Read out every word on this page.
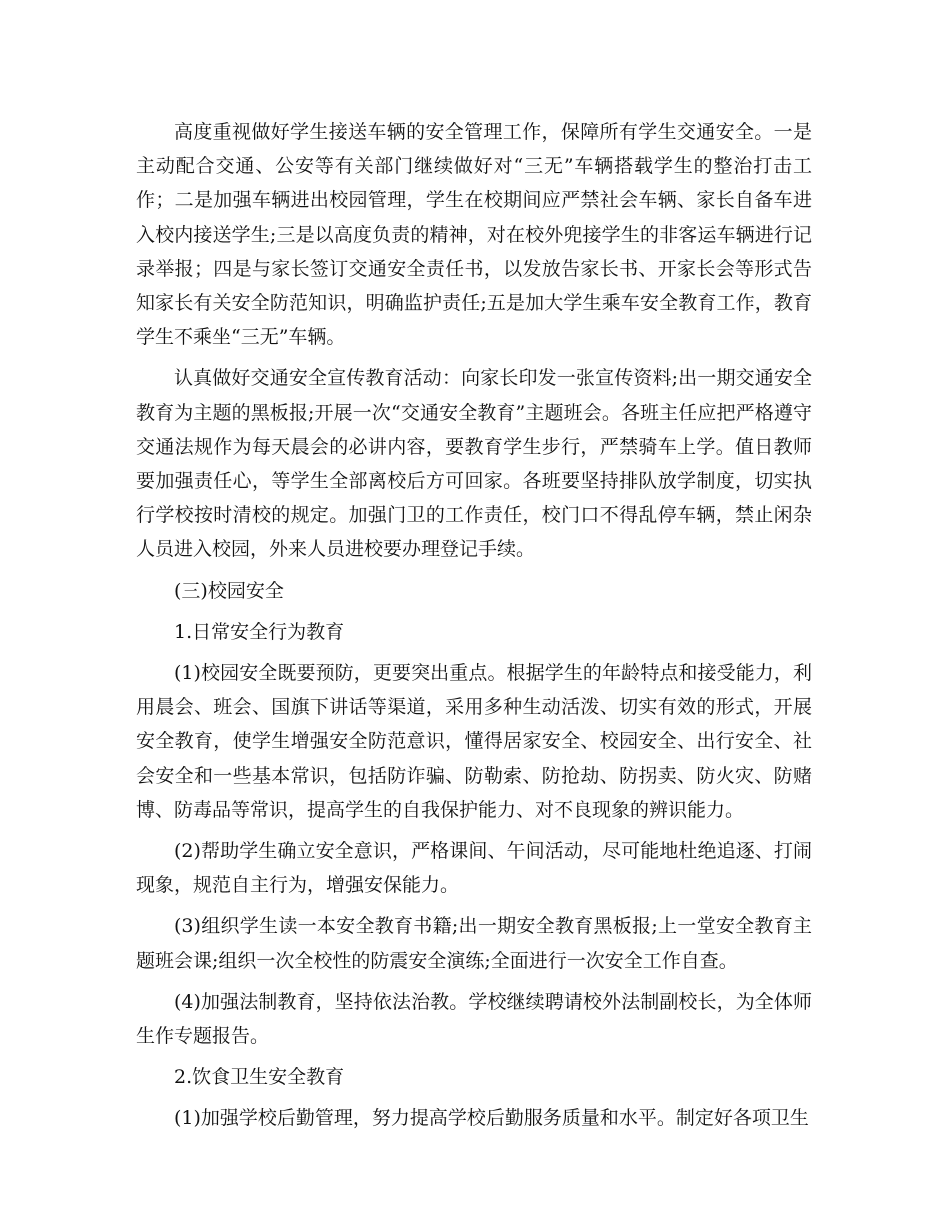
高度重视做好学生接送车辆的安全管理工作，保障所有学生交通安全。一是主动配合交通、公安等有关部门继续做好对“三无”车辆搭载学生的整治打击工作；二是加强车辆进出校园管理，学生在校期间应严禁社会车辆、家长自备车进入校内接送学生;三是以高度负责的精神，对在校外兜接学生的非客运车辆进行记录举报；四是与家长签订交通安全责任书，以发放告家长书、开家长会等形式告知家长有关安全防范知识，明确监护责任;五是加大学生乘车安全教育工作，教育学生不乘坐“三无”车辆。

认真做好交通安全宣传教育活动：向家长印发一张宣传资料;出一期交通安全教育为主题的黑板报;开展一次“交通安全教育”主题班会。各班主任应把严格遵守交通法规作为每天晨会的必讲内容，要教育学生步行，严禁骑车上学。值日教师要加强责任心，等学生全部离校后方可回家。各班要坚持排队放学制度，切实执行学校按时清校的规定。加强门卫的工作责任，校门口不得乱停车辆，禁止闲杂人员进入校园，外来人员进校要办理登记手续。

(三)校园安全

1.日常安全行为教育

(1)校园安全既要预防，更要突出重点。根据学生的年龄特点和接受能力，利用晨会、班会、国旗下讲话等渠道，采用多种生动活泼、切实有效的形式，开展安全教育，使学生增强安全防范意识，懂得居家安全、校园安全、出行安全、社会安全和一些基本常识，包括防诈骗、防勒索、防抢劫、防拐卖、防火灾、防赌博、防毒品等常识，提高学生的自我保护能力、对不良现象的辨识能力。

(2)帮助学生确立安全意识，严格课间、午间活动，尽可能地杜绝追逐、打闹现象，规范自主行为，增强安保能力。

(3)组织学生读一本安全教育书籍;出一期安全教育黑板报;上一堂安全教育主题班会课;组织一次全校性的防震安全演练;全面进行一次安全工作自查。

(4)加强法制教育，坚持依法治教。学校继续聘请校外法制副校长，为全体师生作专题报告。

2.饮食卫生安全教育

(1)加强学校后勤管理，努力提高学校后勤服务质量和水平。制定好各项卫生
